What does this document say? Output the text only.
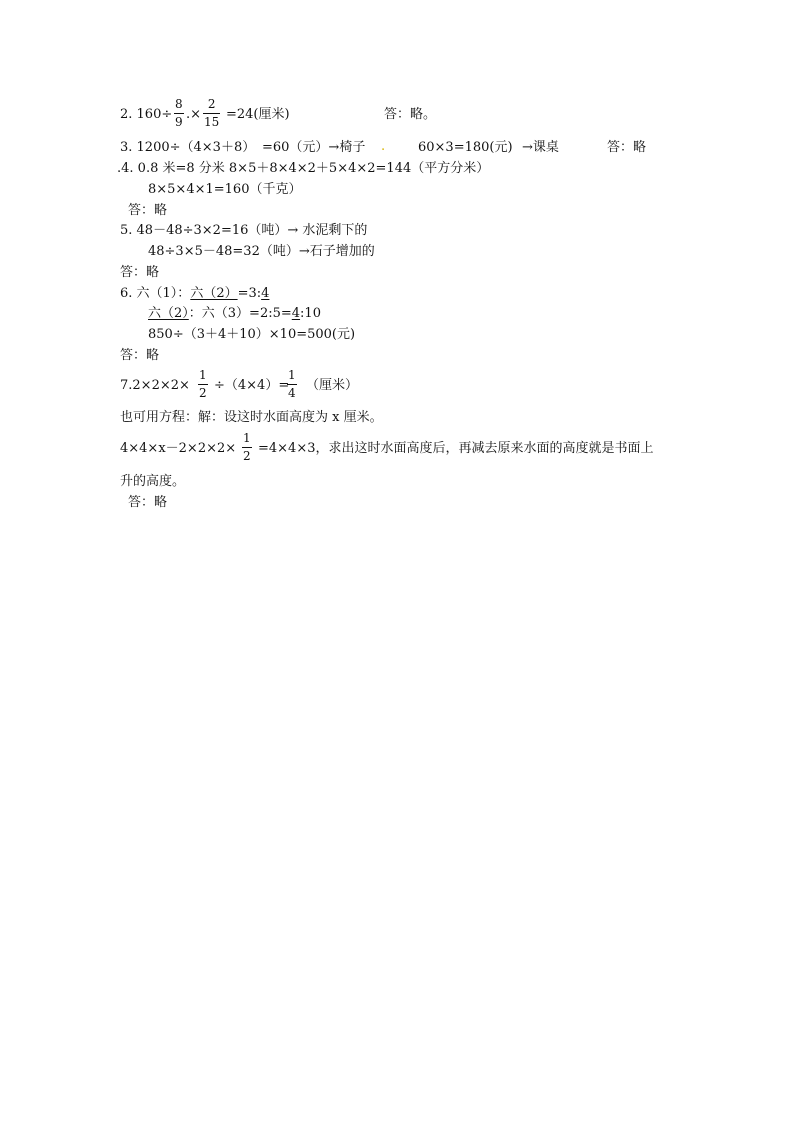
2. 160÷
8
9 .×
2
15 =24(厘米)	答：略。
3. 1200÷（4×3＋8） =60（元）→椅子 .	60×3=180(元) →课桌	答：略
.4. 0.8 米=8 分米 8×5＋8×4×2＋5×4×2=144（平方分米）
8×5×4×1=160（千克）
答：略
5. 48－48÷3×2=16（吨）→ 水泥剩下的
48÷3×5－48=32（吨）→石子增加的
答：略
6. 六（1）：六（2）=3:4
六（2）：六（3）=2:5=4:10
850÷（3＋4＋10）×10=500(元)
答：略
7.2×2×2×
1
2 ÷（4×4）=
1
4 （厘米）
也可用方程：解：设这时水面高度为 x 厘米。
4×4×x－2×2×2×
1
2 =4×4×3，求出这时水面高度后，再减去原来水面的高度就是书面上
升的高度。
答：略
